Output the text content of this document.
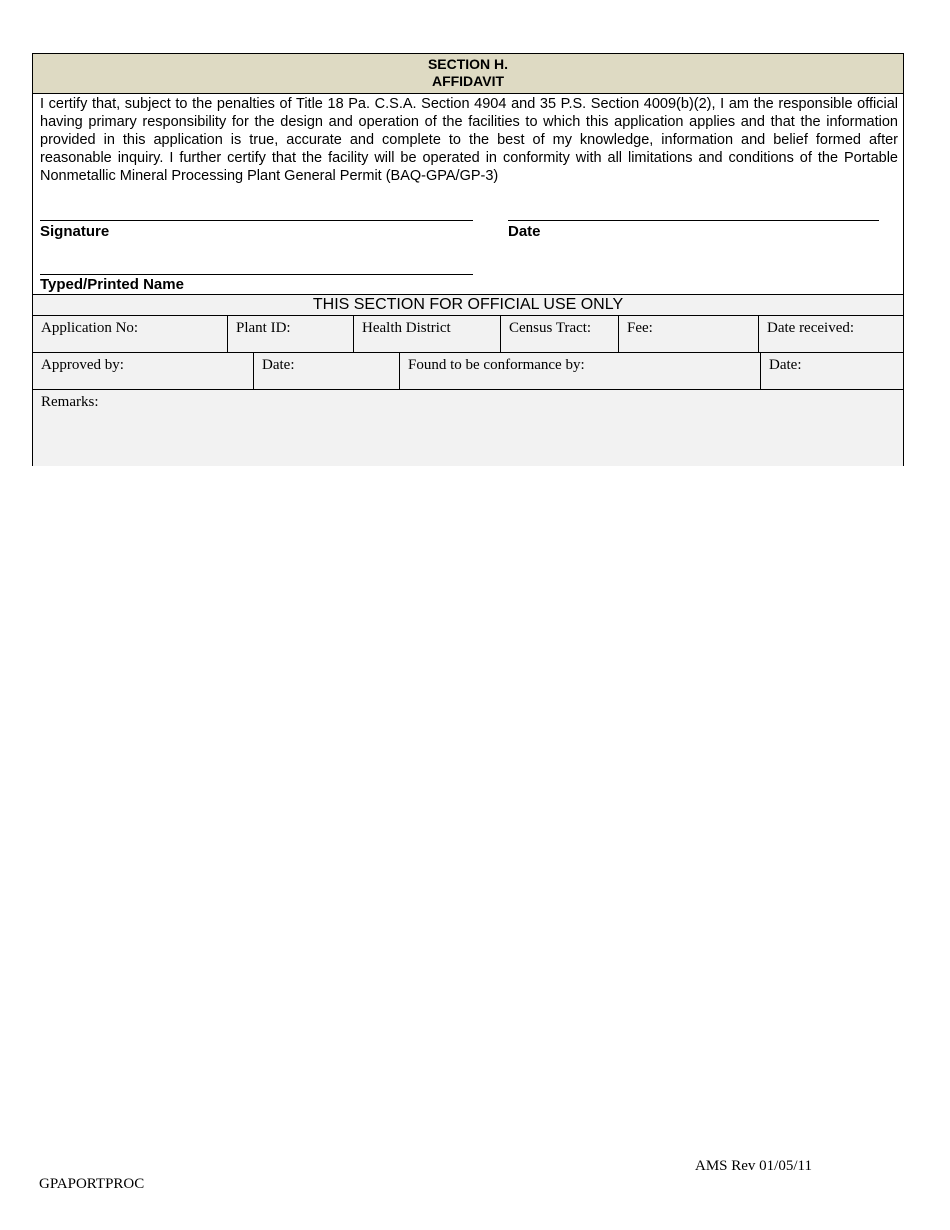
SECTION H.
AFFIDAVIT
I certify that, subject to the penalties of Title 18 Pa. C.S.A. Section 4904 and 35 P.S. Section 4009(b)(2), I am the responsible official having primary responsibility for the design and operation of the facilities to which this application applies and that the information provided in this application is true, accurate and complete to the best of my knowledge, information and belief formed after reasonable inquiry. I further certify that the facility will be operated in conformity with all limitations and conditions of the Portable Nonmetallic Mineral Processing Plant General Permit (BAQ-GPA/GP-3)
Signature	Date
Typed/Printed Name
THIS SECTION FOR OFFICIAL USE ONLY
Application No:	Plant ID:	Health District	Census Tract:	Fee:	Date received:
Approved by:	Date:	Found to be conformance by:	Date:
Remarks:
AMS Rev 01/05/11
GPAPORTPROC
